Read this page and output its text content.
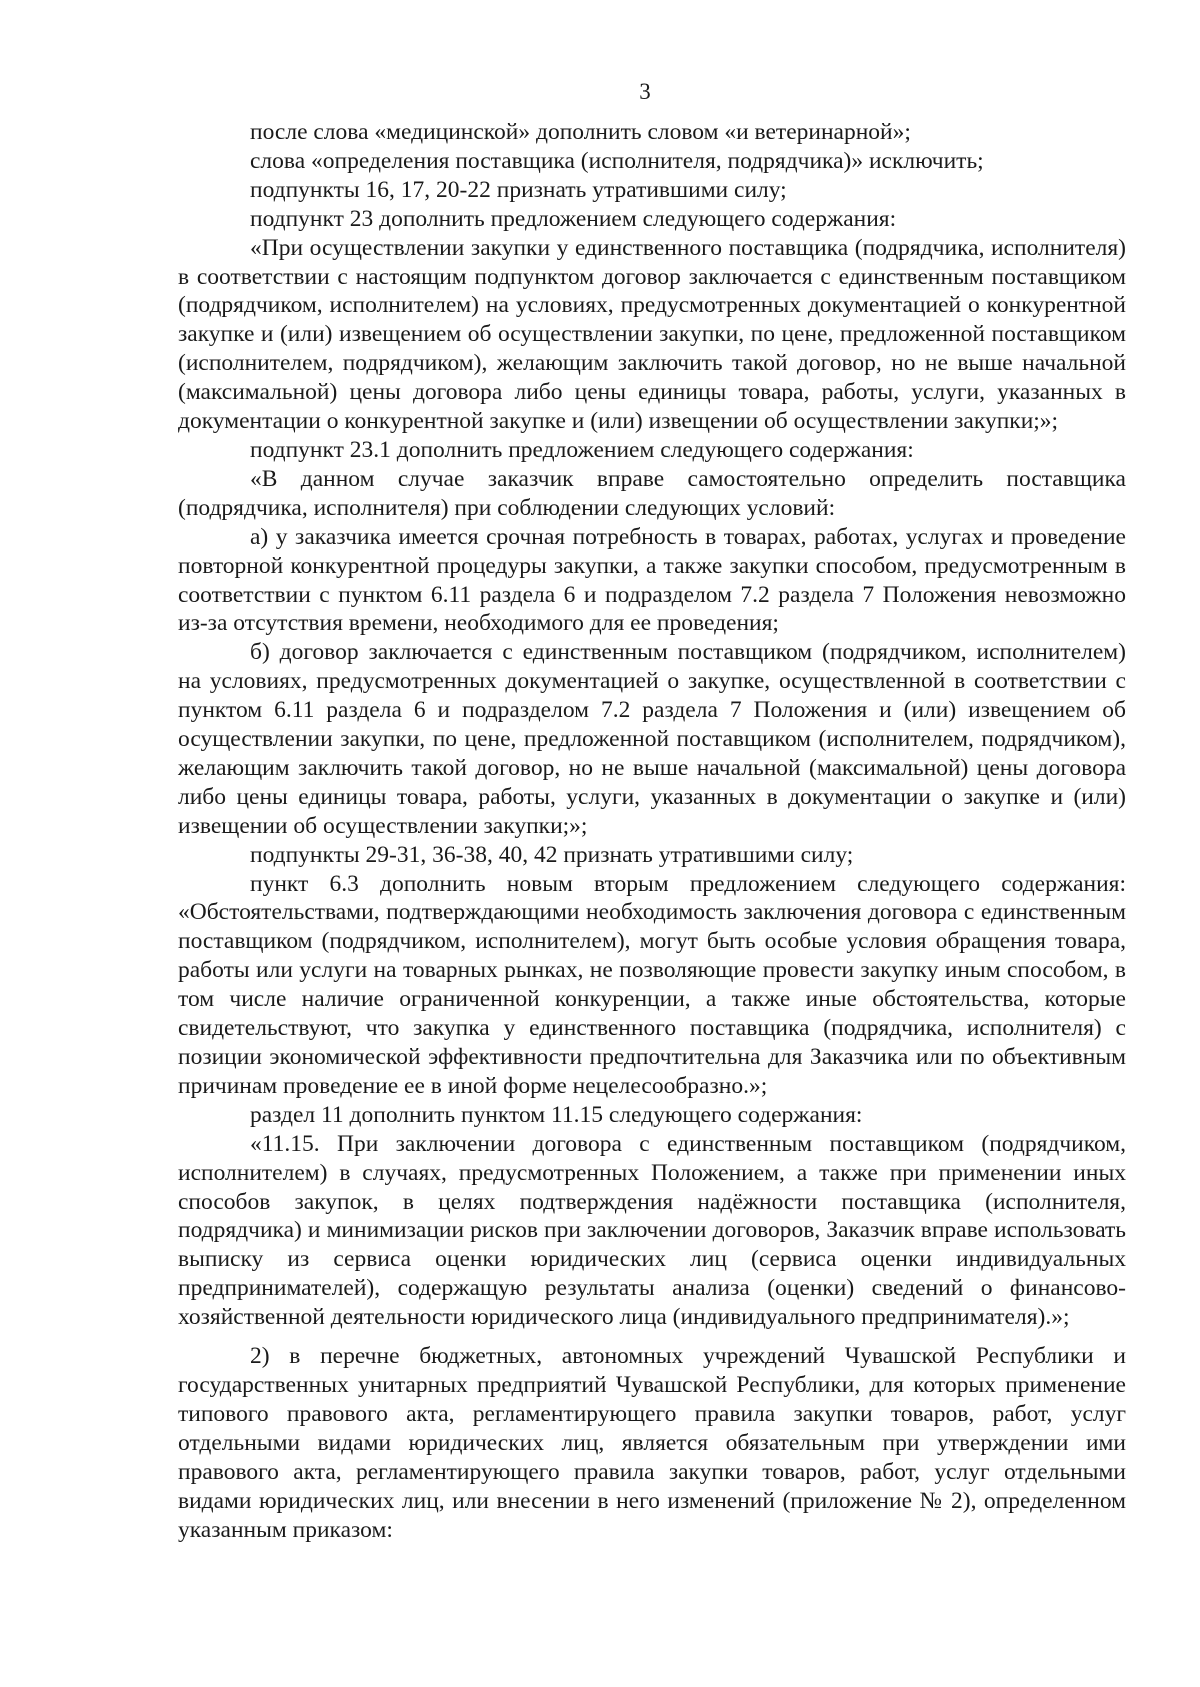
3

после слова «медицинской» дополнить словом «и ветеринарной»;

слова «определения поставщика (исполнителя, подрядчика)» исключить;

подпункты 16, 17, 20-22 признать утратившими силу;

подпункт 23 дополнить предложением следующего содержания:

«При осуществлении закупки у единственного поставщика (подрядчика, исполнителя) в соответствии с настоящим подпунктом договор заключается с единственным поставщиком (подрядчиком, исполнителем) на условиях, предусмотренных документацией о конкурентной закупке и (или) извещением об осуществлении закупки, по цене, предложенной поставщиком (исполнителем, подрядчиком), желающим заключить такой договор, но не выше начальной (максимальной) цены договора либо цены единицы товара, работы, услуги, указанных в документации о конкурентной закупке и (или) извещении об осуществлении закупки;»;

подпункт 23.1 дополнить предложением следующего содержания:

«В данном случае заказчик вправе самостоятельно определить поставщика (подрядчика, исполнителя) при соблюдении следующих условий:

а) у заказчика имеется срочная потребность в товарах, работах, услугах и проведение повторной конкурентной процедуры закупки, а также закупки способом, предусмотренным в соответствии с пунктом 6.11 раздела 6 и подразделом 7.2 раздела 7 Положения невозможно из-за отсутствия времени, необходимого для ее проведения;

б) договор заключается с единственным поставщиком (подрядчиком, исполнителем) на условиях, предусмотренных документацией о закупке, осуществленной в соответствии с пунктом 6.11 раздела 6 и подразделом 7.2 раздела 7 Положения и (или) извещением об осуществлении закупки, по цене, предложенной поставщиком (исполнителем, подрядчиком), желающим заключить такой договор, но не выше начальной (максимальной) цены договора либо цены единицы товара, работы, услуги, указанных в документации о закупке и (или) извещении об осуществлении закупки;»;

подпункты 29-31, 36-38, 40, 42 признать утратившими силу;

пункт 6.3 дополнить новым вторым предложением следующего содержания: «Обстоятельствами, подтверждающими необходимость заключения договора с единственным поставщиком (подрядчиком, исполнителем), могут быть особые условия обращения товара, работы или услуги на товарных рынках, не позволяющие провести закупку иным способом, в том числе наличие ограниченной конкуренции, а также иные обстоятельства, которые свидетельствуют, что закупка у единственного поставщика (подрядчика, исполнителя) с позиции экономической эффективности предпочтительна для Заказчика или по объективным причинам проведение ее в иной форме нецелесообразно.»;

раздел 11 дополнить пунктом 11.15 следующего содержания:

«11.15. При заключении договора с единственным поставщиком (подрядчиком, исполнителем) в случаях, предусмотренных Положением, а также при применении иных способов закупок, в целях подтверждения надёжности поставщика (исполнителя, подрядчика) и минимизации рисков при заключении договоров, Заказчик вправе использовать выписку из сервиса оценки юридических лиц (сервиса оценки индивидуальных предпринимателей), содержащую результаты анализа (оценки) сведений о финансово-хозяйственной деятельности юридического лица (индивидуального предпринимателя).»;

2) в перечне бюджетных, автономных учреждений Чувашской Республики и государственных унитарных предприятий Чувашской Республики, для которых применение типового правового акта, регламентирующего правила закупки товаров, работ, услуг отдельными видами юридических лиц, является обязательным при утверждении ими правового акта, регламентирующего правила закупки товаров, работ, услуг отдельными видами юридических лиц, или внесении в него изменений (приложение № 2), определенном указанным приказом:
